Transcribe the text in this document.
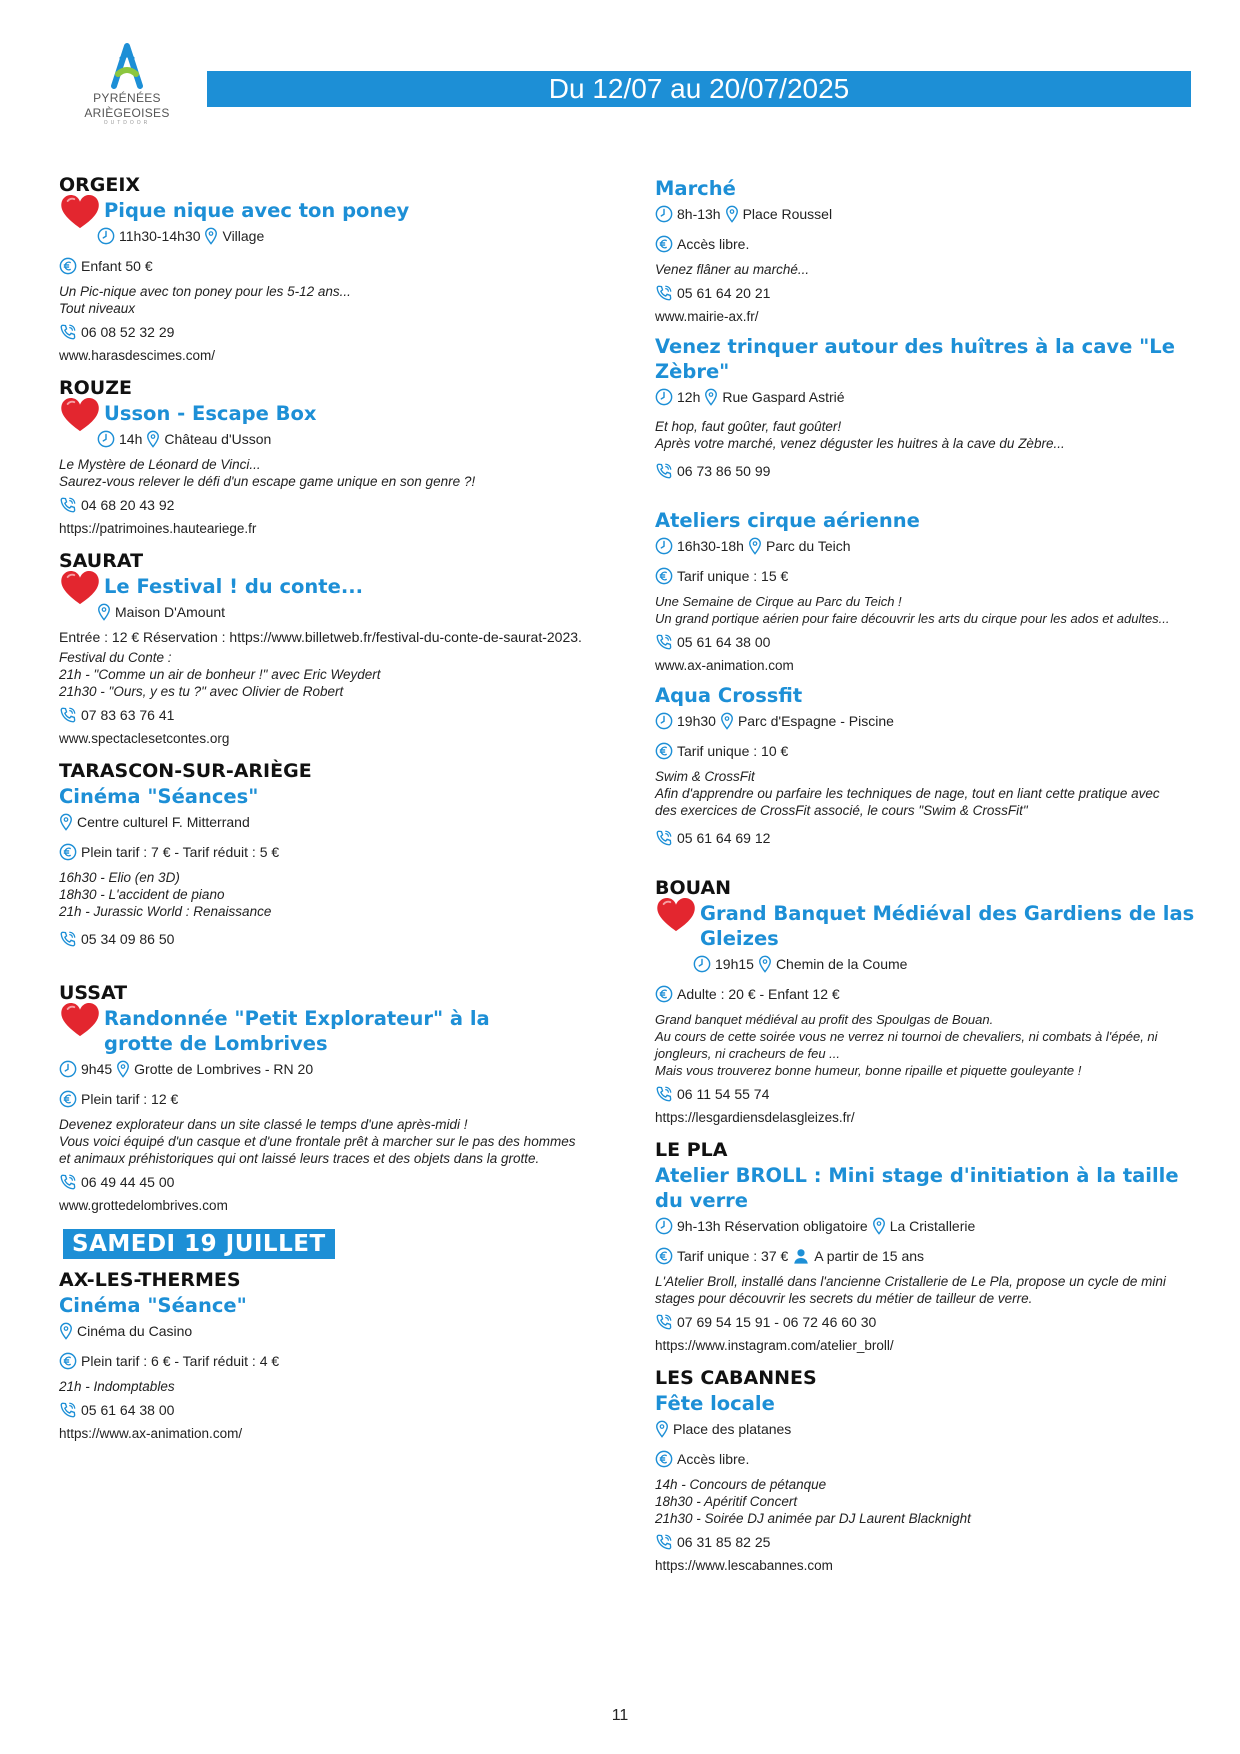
PYRÉNÉES
ARIÈGEOISES
OUTDOOR
Du 12/07 au 20/07/2025
ORGEIX
Pique nique avec ton poney
11h30-14h30 Village
Enfant 50 €
Un Pic-nique avec ton poney pour les 5-12 ans...
Tout niveaux
06 08 52 32 29
www.harasdescimes.com/
ROUZE
Usson - Escape Box
14h Château d'Usson
Le Mystère de Léonard de Vinci...
Saurez-vous relever le défi d'un escape game unique en son genre ?!
04 68 20 43 92
https://patrimoines.hauteariege.fr
SAURAT
Le Festival ! du conte...
Maison D'Amount
Entrée : 12 € Réservation : https://www.billetweb.fr/festival-du-conte-de-saurat-2023.
Festival du Conte :
21h - "Comme un air de bonheur !" avec Eric Weydert
21h30 - "Ours, y es tu ?" avec Olivier de Robert
07 83 63 76 41
www.spectaclesetcontes.org
TARASCON-SUR-ARIÈGE
Cinéma "Séances"
Centre culturel F. Mitterrand
Plein tarif : 7 € - Tarif réduit : 5 €
16h30 - Elio (en 3D)
18h30 - L'accident de piano
21h - Jurassic World : Renaissance
05 34 09 86 50
USSAT
Randonnée "Petit Explorateur" à la grotte de Lombrives
9h45 Grotte de Lombrives - RN 20
Plein tarif : 12 €
Devenez explorateur dans un site classé le temps d'une après-midi !
Vous voici équipé d'un casque et d'une frontale prêt à marcher sur le pas des hommes
et animaux préhistoriques qui ont laissé leurs traces et des objets dans la grotte.
06 49 44 45 00
www.grottedelombrives.com
SAMEDI 19 JUILLET
AX-LES-THERMES
Cinéma "Séance"
Cinéma du Casino
Plein tarif : 6 € - Tarif réduit : 4 €
21h - Indomptables
05 61 64 38 00
https://www.ax-animation.com/
Marché
8h-13h Place Roussel
Accès libre.
Venez flâner au marché...
05 61 64 20 21
www.mairie-ax.fr/
Venez trinquer autour des huîtres à la cave "Le Zèbre"
12h Rue Gaspard Astrié
Et hop, faut goûter, faut goûter!
Après votre marché, venez déguster les huitres à la cave du Zèbre...
06 73 86 50 99
Ateliers cirque aérienne
16h30-18h Parc du Teich
Tarif unique : 15 €
Une Semaine de Cirque au Parc du Teich !
Un grand portique aérien pour faire découvrir les arts du cirque pour les ados et adultes...
05 61 64 38 00
www.ax-animation.com
Aqua Crossfit
19h30 Parc d'Espagne - Piscine
Tarif unique : 10 €
Swim & CrossFit
Afin d'apprendre ou parfaire les techniques de nage, tout en liant cette pratique avec
des exercices de CrossFit associé, le cours "Swim & CrossFit"
05 61 64 69 12
BOUAN
Grand Banquet Médiéval des Gardiens de las Gleizes
19h15 Chemin de la Coume
Adulte : 20 € - Enfant 12 €
Grand banquet médiéval au profit des Spoulgas de Bouan.
Au cours de cette soirée vous ne verrez ni tournoi de chevaliers, ni combats à l'épée, ni
jongleurs, ni cracheurs de feu ...
Mais vous trouverez bonne humeur, bonne ripaille et piquette gouleyante !
06 11 54 55 74
https://lesgardiensdelasgleizes.fr/
LE PLA
Atelier BROLL : Mini stage d'initiation à la taille du verre
9h-13h Réservation obligatoire La Cristallerie
Tarif unique : 37 € A partir de 15 ans
L'Atelier Broll, installé dans l'ancienne Cristallerie de Le Pla, propose un cycle de mini
stages pour découvrir les secrets du métier de tailleur de verre.
07 69 54 15 91 - 06 72 46 60 30
https://www.instagram.com/atelier_broll/
LES CABANNES
Fête locale
Place des platanes
Accès libre.
14h - Concours de pétanque
18h30 - Apéritif Concert
21h30 - Soirée DJ animée par DJ Laurent Blacknight
06 31 85 82 25
https://www.lescabannes.com
11
